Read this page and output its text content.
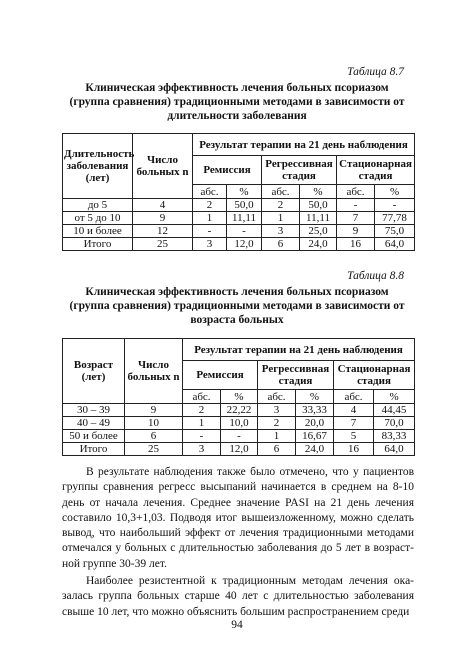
Таблица 8.7
Клиническая эффективность лечения больных псориазом (группа сравнения) традиционными методами в зависимости от длительности заболевания
Длительность заболевания (лет)	Число больных n	Результат терапии на 21 день наблюдения					
		Ремиссия		Регрессивная стадия		Стационарная стадия	
		абс.	%	абс.	%	абс.	%
до 5	4	2	50,0	2	50,0	-	-
от 5 до 10	9	1	11,11	1	11,11	7	77,78
10 и более	12	-	-	3	25,0	9	75,0
Итого	25	3	12,0	6	24,0	16	64,0
Таблица 8.8
Клиническая эффективность лечения больных псориазом (группа сравнения) традиционными методами в зависимости от возраста больных
Возраст (лет)	Число больных n	Результат терапии на 21 день наблюдения					
		Ремиссия		Регрессивная стадия		Стационарная стадия	
		абс.	%	абс.	%	абс.	%
30 – 39	9	2	22,22	3	33,33	4	44,45
40 – 49	10	1	10,0	2	20,0	7	70,0
50 и более	6	-	-	1	16,67	5	83,33
Итого	25	3	12,0	6	24,0	16	64,0
В результате наблюдения также было отмечено, что у пациентов
группы сравнения регресс высыпаний начинается в среднем на 8-10
день от начала лечения. Среднее значение PASI на 21 день лечения
составило 10,3+1,03. Подводя итог вышеизложенному, можно сделать
вывод, что наибольший эффект от лечения традиционными методами
отмечался у больных с длительностью заболевания до 5 лет в возраст-
ной группе 30-39 лет.
Наиболее резистентной к традиционным методам лечения ока-
залась группа больных старше 40 лет с длительностью заболевания
свыше 10 лет, что можно объяснить большим распространением среди
94
